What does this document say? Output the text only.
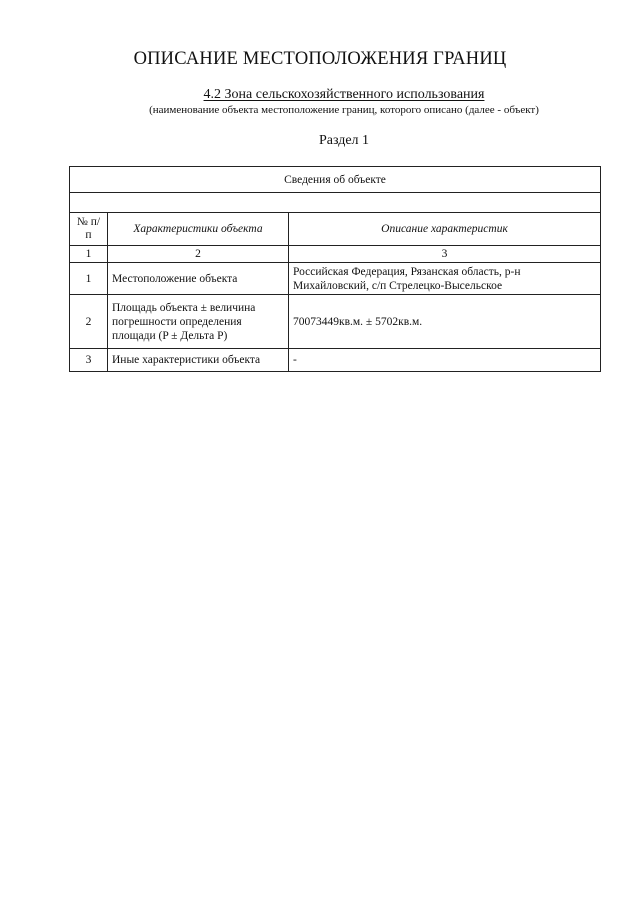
ОПИСАНИЕ МЕСТОПОЛОЖЕНИЯ ГРАНИЦ
4.2 Зона сельскохозяйственного использования
(наименование объекта местоположение границ, которого описано (далее - объект)
Раздел 1
Сведения об объекте		

№ п/п	Характеристики объекта	Описание характеристик
1	2	3
1	Местоположение объекта	Российская Федерация, Рязанская область, р-н Михайловский, с/п Стрелецко-Высельское
2	Площадь объекта ± величина погрешности определения площади (P ± Дельта P)	70073449кв.м. ± 5702кв.м.
3	Иные характеристики объекта	-
